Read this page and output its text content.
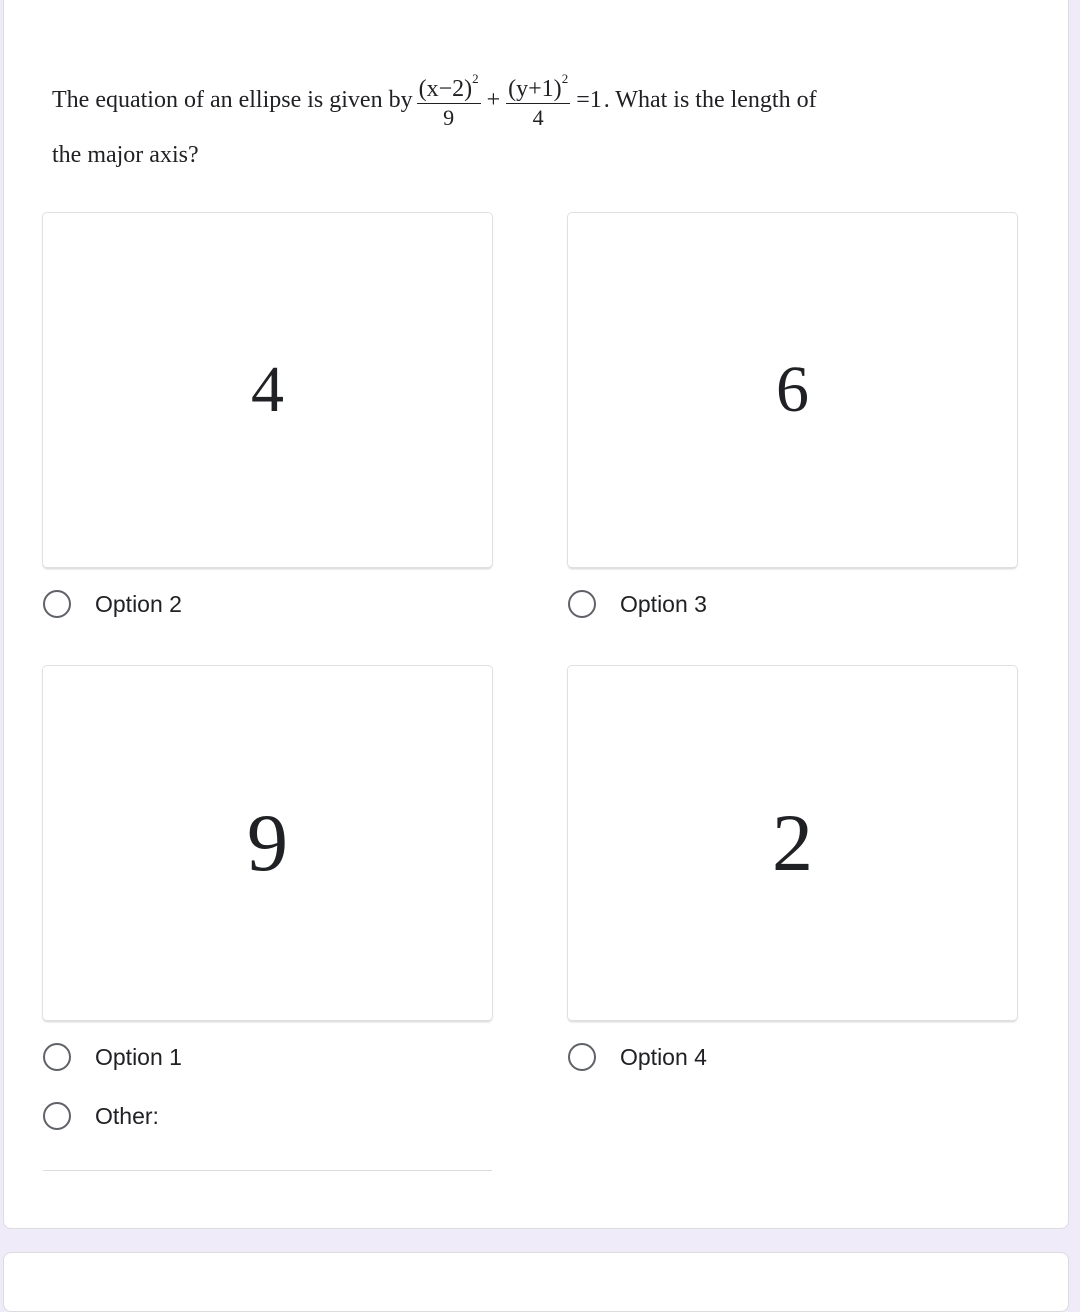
The equation of an ellipse is given by $\frac{(x-2)^2}{9} + \frac{(y+1)^2}{4} =1$ . What is the length of
the major axis?
4	6
Option 2	Option 3
9	2
Option 1	Option 4
Other:
